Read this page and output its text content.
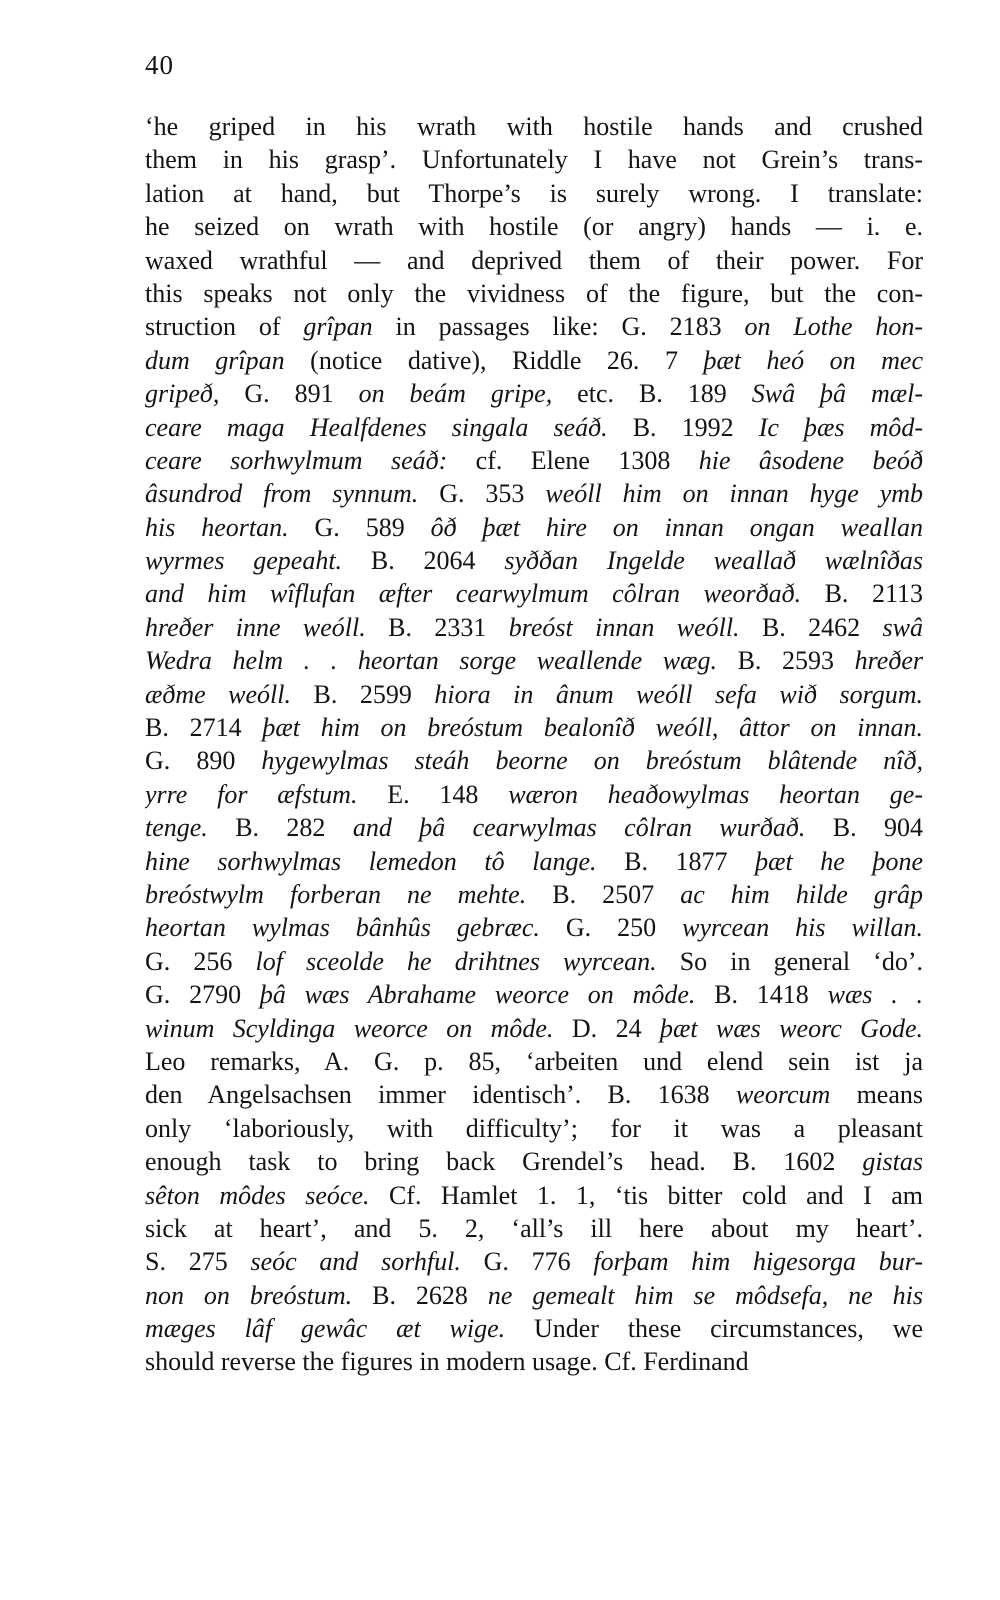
40
‘he griped in his wrath with hostile hands and crushed
them in his grasp’. Unfortunately I have not Grein’s trans-
lation at hand, but Thorpe’s is surely wrong. I translate:
he seized on wrath with hostile (or angry) hands — i. e.
waxed wrathful — and deprived them of their power. For
this speaks not only the vividness of the figure, but the con-
struction of grîpan in passages like: G. 2183 on Lothe hon-
dum grîpan (notice dative), Riddle 26. 7 þæt heó on mec
gripeð, G. 891 on beám gripe, etc. B. 189 Swâ þâ mæl-
ceare maga Healfdenes singala seáð. B. 1992 Ic þæs môd-
ceare sorhwylmum seáð: cf. Elene 1308 hie âsodene beóð
âsundrod from synnum. G. 353 weóll him on innan hyge ymb
his heortan. G. 589 ôð þæt hire on innan ongan weallan
wyrmes gepeaht. B. 2064 syððan Ingelde weallað wælnîðas
and him wîflufan æfter cearwylmum côlran weorðað. B. 2113
hreðer inne weóll. B. 2331 breóst innan weóll. B. 2462 swâ
Wedra helm . . heortan sorge weallende wæg. B. 2593 hreðer
æðme weóll. B. 2599 hiora in ânum weóll sefa wið sorgum.
B. 2714 þæt him on breóstum bealonîð weóll, âttor on innan.
G. 890 hygewylmas steáh beorne on breóstum blâtende nîð,
yrre for æfstum. E. 148 wæron heaðowylmas heortan ge-
tenge. B. 282 and þâ cearwylmas côlran wurðað. B. 904
hine sorhwylmas lemedon tô lange. B. 1877 þæt he þone
breóstwylm forberan ne mehte. B. 2507 ac him hilde grâp
heortan wylmas bânhûs gebræc. G. 250 wyrcean his willan.
G. 256 lof sceolde he drihtnes wyrcean. So in general ‘do’.
G. 2790 þâ wæs Abrahame weorce on môde. B. 1418 wæs . .
winum Scyldinga weorce on môde. D. 24 þæt wæs weorc Gode.
Leo remarks, A. G. p. 85, ‘arbeiten und elend sein ist ja
den Angelsachsen immer identisch’. B. 1638 weorcum means
only ‘laboriously, with difficulty’; for it was a pleasant
enough task to bring back Grendel’s head. B. 1602 gistas
sêton môdes seóce. Cf. Hamlet 1. 1, ‘tis bitter cold and I am
sick at heart’, and 5. 2, ‘all’s ill here about my heart’.
S. 275 seóc and sorhful. G. 776 forþam him higesorga bur-
non on breóstum. B. 2628 ne gemealt him se môdsefa, ne his
mæges lâf gewâc æt wige. Under these circumstances, we
should reverse the figures in modern usage. Cf. Ferdinand
